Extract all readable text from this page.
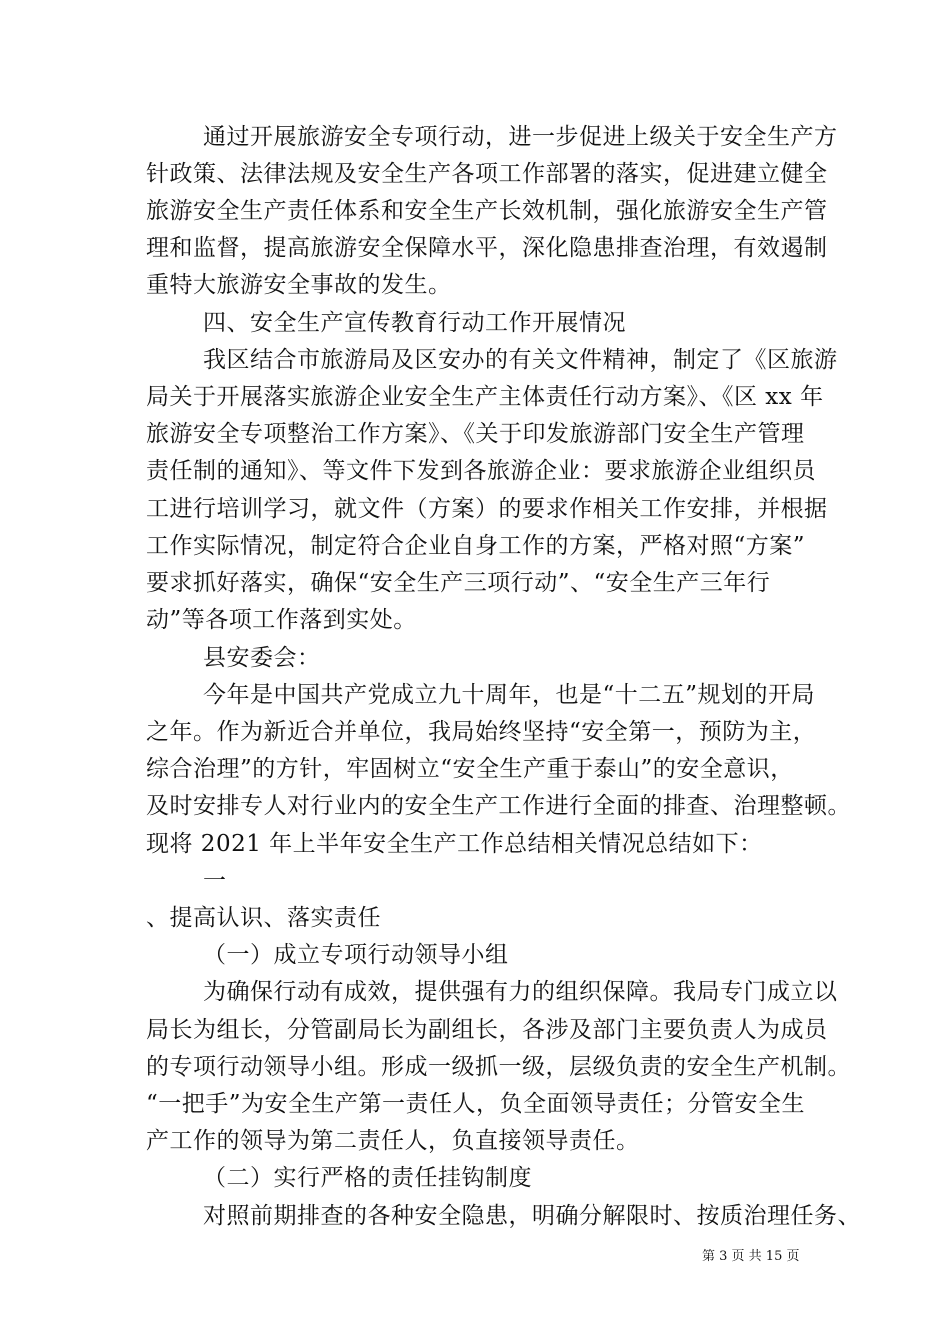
通过开展旅游安全专项行动，进一步促进上级关于安全生产方
针政策、法律法规及安全生产各项工作部署的落实，促进建立健全
旅游安全生产责任体系和安全生产长效机制，强化旅游安全生产管
理和监督，提高旅游安全保障水平，深化隐患排查治理，有效遏制
重特大旅游安全事故的发生。
四、安全生产宣传教育行动工作开展情况
我区结合市旅游局及区安办的有关文件精神，制定了《区旅游
局关于开展落实旅游企业安全生产主体责任行动方案》、《区 xx 年
旅游安全专项整治工作方案》、《关于印发旅游部门安全生产管理
责任制的通知》、等文件下发到各旅游企业：要求旅游企业组织员
工进行培训学习，就文件（方案）的要求作相关工作安排，并根据
工作实际情况，制定符合企业自身工作的方案，严格对照“方案”
要求抓好落实，确保“安全生产三项行动”、“安全生产三年行
动”等各项工作落到实处。
县安委会：
今年是中国共产党成立九十周年，也是“十二五”规划的开局
之年。作为新近合并单位，我局始终坚持“安全第一，预防为主，
综合治理”的方针，牢固树立“安全生产重于泰山”的安全意识，
及时安排专人对行业内的安全生产工作进行全面的排查、治理整顿。
现将 2021 年上半年安全生产工作总结相关情况总结如下：
一
、提高认识、落实责任
（一）成立专项行动领导小组
为确保行动有成效，提供强有力的组织保障。我局专门成立以
局长为组长，分管副局长为副组长，各涉及部门主要负责人为成员
的专项行动领导小组。形成一级抓一级，层级负责的安全生产机制。
“一把手”为安全生产第一责任人，负全面领导责任；分管安全生
产工作的领导为第二责任人，负直接领导责任。
（二）实行严格的责任挂钩制度
对照前期排查的各种安全隐患，明确分解限时、按质治理任务、
第 3 页 共 15 页
